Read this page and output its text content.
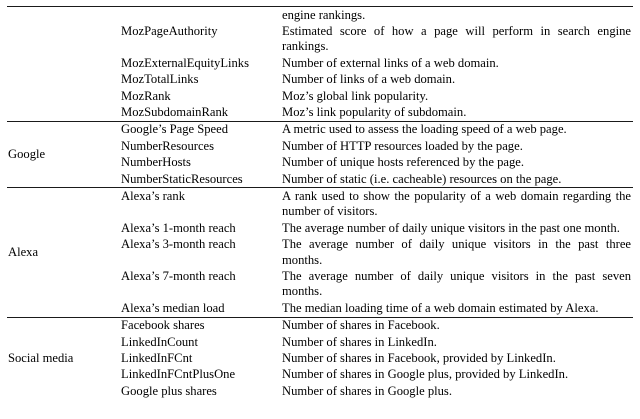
		engine rankings.
	MozPageAuthority	Estimated score of how a page will perform in search engine rankings.
	MozExternalEquityLinks	Number of external links of a web domain.
	MozTotalLinks	Number of links of a web domain.
	MozRank	Moz’s global link popularity.
	MozSubdomainRank	Moz’s link popularity of subdomain.
Google	Google’s Page Speed	A metric used to assess the loading speed of a web page.
	NumberResources	Number of HTTP resources loaded by the page.
	NumberHosts	Number of unique hosts referenced by the page.
	NumberStaticResources	Number of static (i.e. cacheable) resources on the page.
Alexa	Alexa’s rank	A rank used to show the popularity of a web domain regarding the number of visitors.
	Alexa’s 1-month reach	The average number of daily unique visitors in the past one month.
	Alexa’s 3-month reach	The average number of daily unique visitors in the past three months.
	Alexa’s 7-month reach	The average number of daily unique visitors in the past seven months.
	Alexa’s median load	The median loading time of a web domain estimated by Alexa.
Social media	Facebook shares	Number of shares in Facebook.
	LinkedInCount	Number of shares in LinkedIn.
	LinkedInFCnt	Number of shares in Facebook, provided by LinkedIn.
	LinkedInFCntPlusOne	Number of shares in Google plus, provided by LinkedIn.
	Google plus shares	Number of shares in Google plus.
